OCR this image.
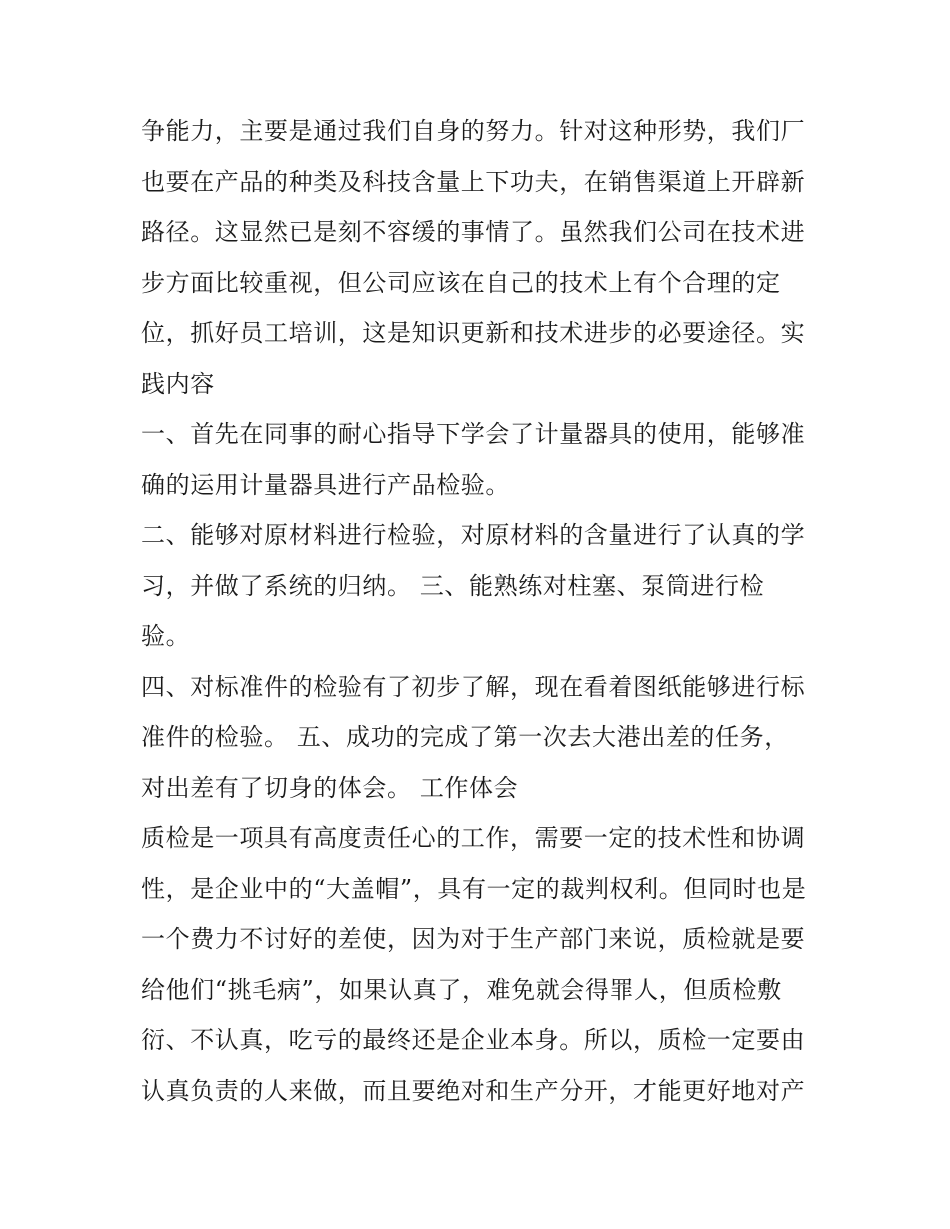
争能力，主要是通过我们自身的努力。针对这种形势，我们厂
也要在产品的种类及科技含量上下功夫，在销售渠道上开辟新
路径。这显然已是刻不容缓的事情了。虽然我们公司在技术进
步方面比较重视，但公司应该在自己的技术上有个合理的定
位，抓好员工培训，这是知识更新和技术进步的必要途径。实
践内容
一、首先在同事的耐心指导下学会了计量器具的使用，能够准
确的运用计量器具进行产品检验。
二、能够对原材料进行检验，对原材料的含量进行了认真的学
习，并做了系统的归纳。 三、能熟练对柱塞、泵筒进行检
验。
四、对标准件的检验有了初步了解，现在看着图纸能够进行标
准件的检验。 五、成功的完成了第一次去大港出差的任务，
对出差有了切身的体会。 工作体会
质检是一项具有高度责任心的工作，需要一定的技术性和协调
性，是企业中的“大盖帽”，具有一定的裁判权利。但同时也是
一个费力不讨好的差使，因为对于生产部门来说，质检就是要
给他们“挑毛病”，如果认真了，难免就会得罪人，但质检敷
衍、不认真，吃亏的最终还是企业本身。所以，质检一定要由
认真负责的人来做，而且要绝对和生产分开，才能更好地对产
